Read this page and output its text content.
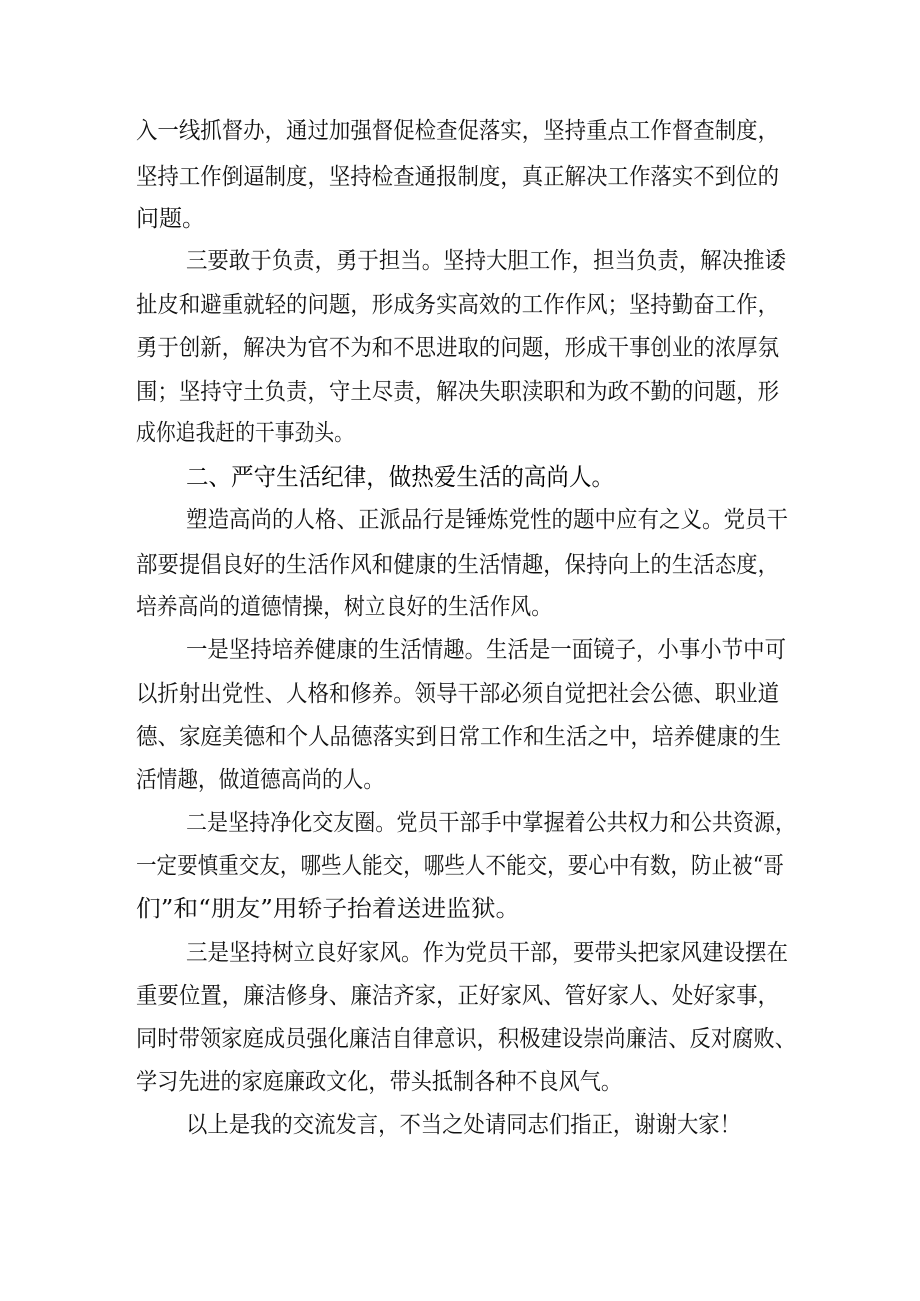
入一线抓督办，通过加强督促检查促落实，坚持重点工作督查制度，
坚持工作倒逼制度，坚持检查通报制度，真正解决工作落实不到位的
问题。
三要敢于负责，勇于担当。坚持大胆工作，担当负责，解决推诿
扯皮和避重就轻的问题，形成务实高效的工作作风；坚持勤奋工作，
勇于创新，解决为官不为和不思进取的问题，形成干事创业的浓厚氛
围；坚持守土负责，守土尽责，解决失职渎职和为政不勤的问题，形
成你追我赶的干事劲头。
二、严守生活纪律，做热爱生活的高尚人。
塑造高尚的人格、正派品行是锤炼党性的题中应有之义。党员干
部要提倡良好的生活作风和健康的生活情趣，保持向上的生活态度，
培养高尚的道德情操，树立良好的生活作风。
一是坚持培养健康的生活情趣。生活是一面镜子，小事小节中可
以折射出党性、人格和修养。领导干部必须自觉把社会公德、职业道
德、家庭美德和个人品德落实到日常工作和生活之中，培养健康的生
活情趣，做道德高尚的人。
二是坚持净化交友圈。党员干部手中掌握着公共权力和公共资源，
一定要慎重交友，哪些人能交，哪些人不能交，要心中有数，防止被“哥
们”和“朋友”用轿子抬着送进监狱。
三是坚持树立良好家风。作为党员干部，要带头把家风建设摆在
重要位置，廉洁修身、廉洁齐家，正好家风、管好家人、处好家事，
同时带领家庭成员强化廉洁自律意识，积极建设崇尚廉洁、反对腐败、
学习先进的家庭廉政文化，带头抵制各种不良风气。
以上是我的交流发言，不当之处请同志们指正，谢谢大家！
